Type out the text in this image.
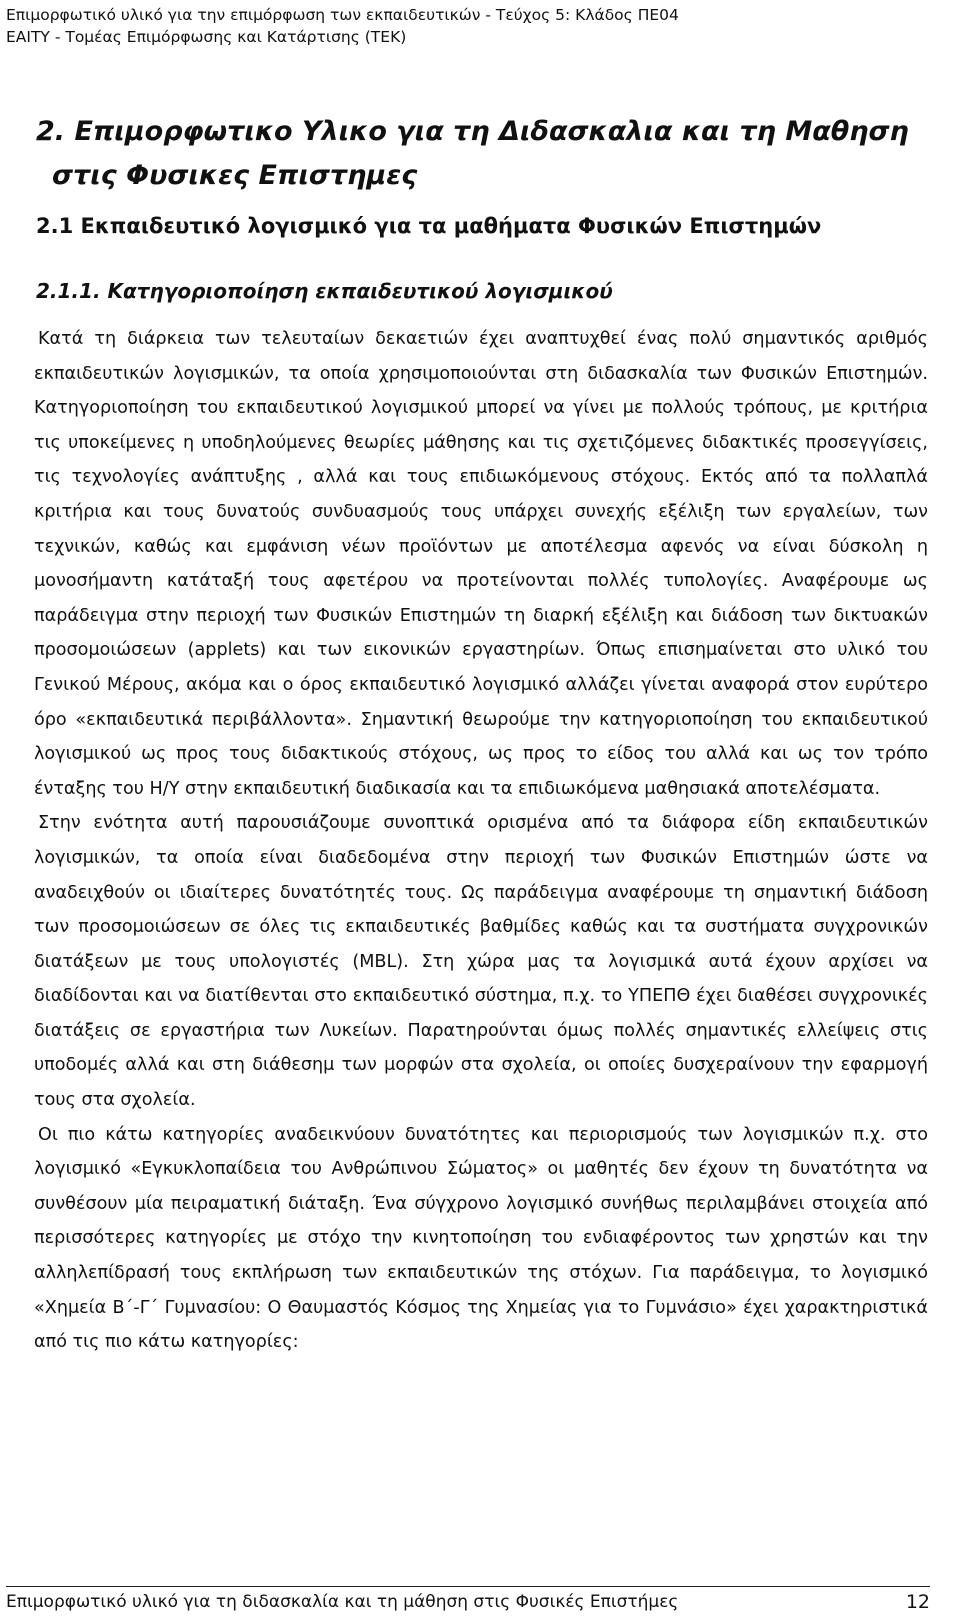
Επιμορφωτικό υλικό για την επιμόρφωση των εκπαιδευτικών - Τεύχος 5: Κλάδος ΠΕ04
ΕΑΙΤΥ - Τομέας Επιμόρφωσης και Κατάρτισης (ΤΕΚ)
2. Επιμορφωτικο Υλικο για τη Διδασκαλια και τη Μαθηση
στις Φυσικες Επιστημες
2.1 Εκπαιδευτικό λογισμικό για τα μαθήματα Φυσικών Επιστημών
2.1.1. Κατηγοριοποίηση εκπαιδευτικού λογισμικού

Κατά τη διάρκεια των τελευταίων δεκαετιών έχει αναπτυχθεί ένας πολύ σημαντικός αριθμός εκπαιδευτικών λογισμικών, τα οποία χρησιμοποιούνται στη διδασκαλία των Φυσικών Επιστημών. Κατηγοριοποίηση του εκπαιδευτικού λογισμικού μπορεί να γίνει με πολλούς τρόπους, με κριτήρια τις υποκείμενες η υποδηλούμενες θεωρίες μάθησης και τις σχετιζόμενες διδακτικές προσεγγίσεις, τις τεχνολογίες ανάπτυξης , αλλά και τους επιδιωκόμενους στόχους. Εκτός από τα πολλαπλά κριτήρια και τους δυνατούς συνδυασμούς τους υπάρχει συνεχής εξέλιξη των εργαλείων, των τεχνικών, καθώς και εμφάνιση νέων προϊόντων με αποτέλεσμα αφενός να είναι δύσκολη η μονοσήμαντη κατάταξή τους αφετέρου να προτείνονται πολλές τυπολογίες. Αναφέρουμε ως παράδειγμα στην περιοχή των Φυσικών Επιστημών τη διαρκή εξέλιξη και διάδοση των δικτυακών προσομοιώσεων (applets) και των εικονικών εργαστηρίων. Όπως επισημαίνεται στο υλικό του Γενικού Μέρους, ακόμα και ο όρος εκπαιδευτικό λογισμικό αλλάζει γίνεται αναφορά στον ευρύτερο όρο «εκπαιδευτικά περιβάλλοντα». Σημαντική θεωρούμε την κατηγοριοποίηση του εκπαιδευτικού λογισμικού ως προς τους διδακτικούς στόχους, ως προς το είδος του αλλά και ως τον τρόπο ένταξης του Η/Υ στην εκπαιδευτική διαδικασία και τα επιδιωκόμενα μαθησιακά αποτελέσματα.

Στην ενότητα αυτή παρουσιάζουμε συνοπτικά ορισμένα από τα διάφορα είδη εκπαιδευτικών λογισμικών, τα οποία είναι διαδεδομένα στην περιοχή των Φυσικών Επιστημών ώστε να αναδειχθούν οι ιδιαίτερες δυνατότητές τους. Ως παράδειγμα αναφέρουμε τη σημαντική διάδοση των προσομοιώσεων σε όλες τις εκπαιδευτικές βαθμίδες καθώς και τα συστήματα συγχρονικών διατάξεων με τους υπολογιστές (MBL). Στη χώρα μας τα λογισμικά αυτά έχουν αρχίσει να διαδίδονται και να διατίθενται στο εκπαιδευτικό σύστημα, π.χ. το ΥΠΕΠΘ έχει διαθέσει συγχρονικές διατάξεις σε εργαστήρια των Λυκείων. Παρατηρούνται όμως πολλές σημαντικές ελλείψεις στις υποδομές αλλά και στη διάθεσημ των μορφών στα σχολεία, οι οποίες δυσχεραίνουν την εφαρμογή τους στα σχολεία.

Οι πιο κάτω κατηγορίες αναδεικνύουν δυνατότητες και περιορισμούς των λογισμικών π.χ. στο λογισμικό «Εγκυκλοπαίδεια του Ανθρώπινου Σώματος» οι μαθητές δεν έχουν τη δυνατότητα να συνθέσουν μία πειραματική διάταξη. Ένα σύγχρονο λογισμικό συνήθως περιλαμβάνει στοιχεία από περισσότερες κατηγορίες με στόχο την κινητοποίηση του ενδιαφέροντος των χρηστών και την αλληλεπίδρασή τους εκπλήρωση των εκπαιδευτικών της στόχων. Για παράδειγμα, το λογισμικό «Χημεία Β΄-Γ΄ Γυμνασίου: Ο Θαυμαστός Κόσμος της Χημείας για το Γυμνάσιο» έχει χαρακτηριστικά από τις πιο κάτω κατηγορίες:

Επιμορφωτικό υλικό για τη διδασκαλία και τη μάθηση στις Φυσικές Επιστήμες	12
